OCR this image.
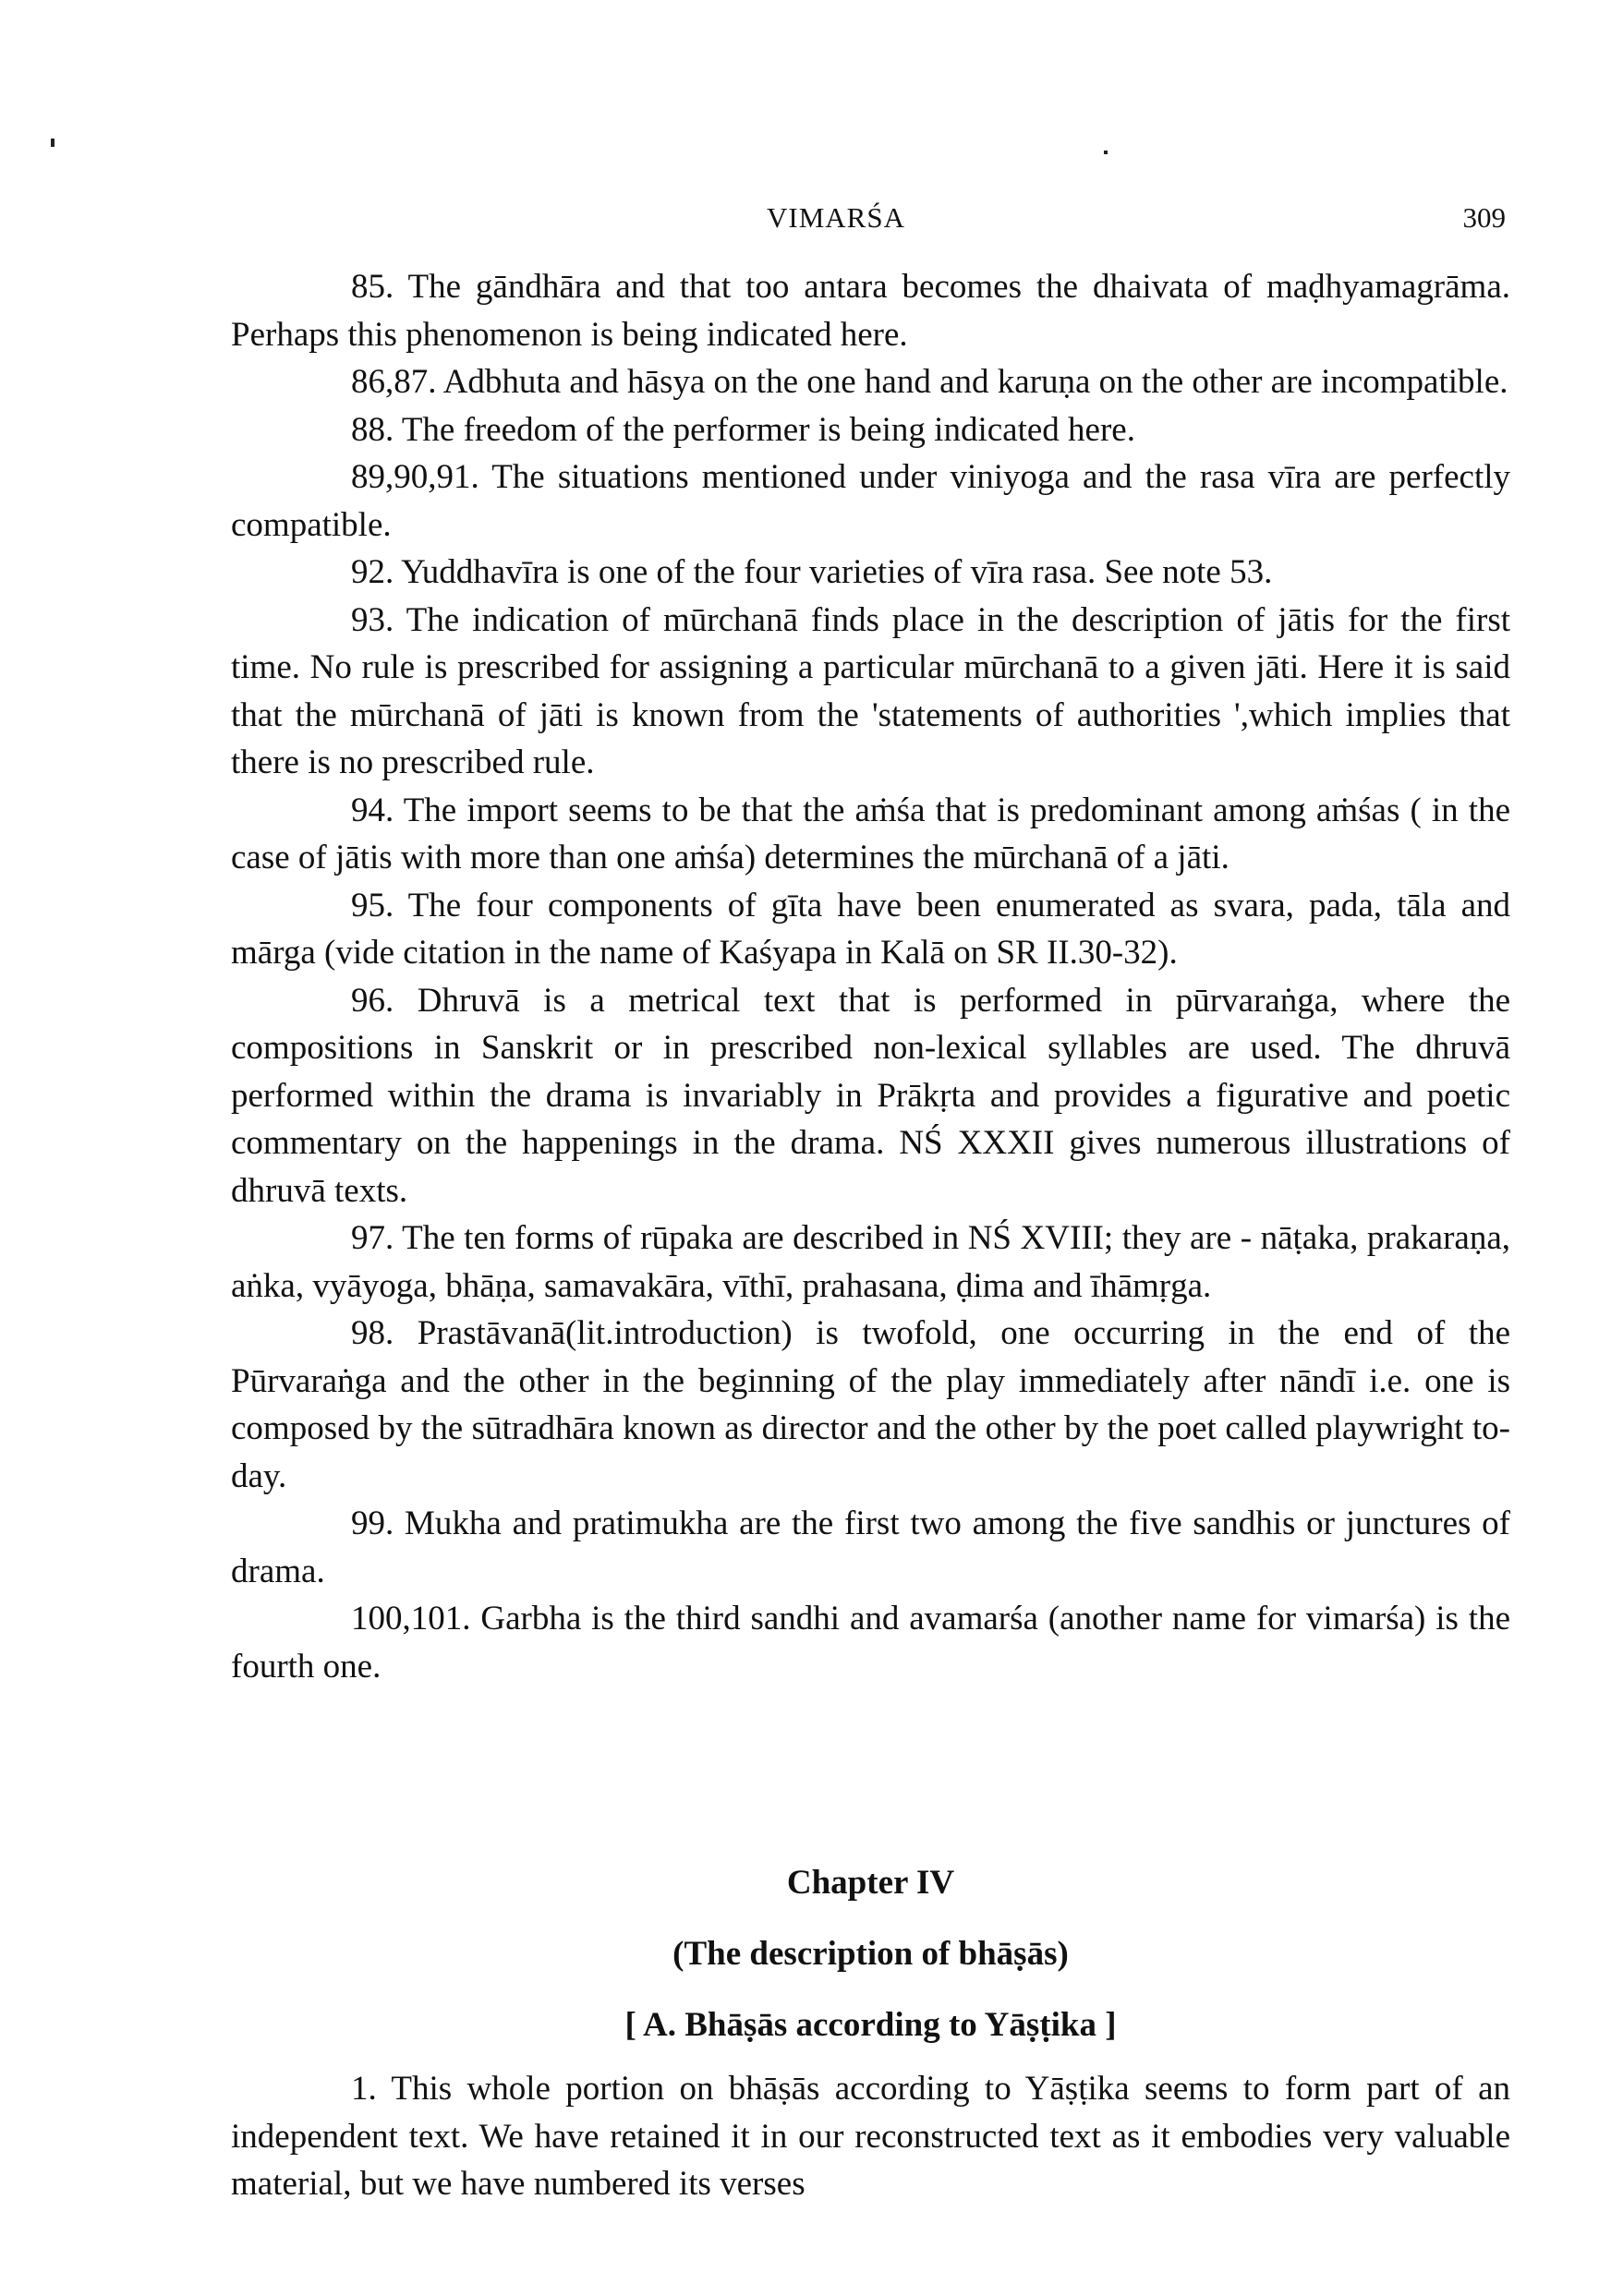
VIMARŚA	309

85. The gāndhāra and that too antara becomes the dhaivata of maḍhyamagrāma. Perhaps this phenomenon is being indicated here.

86,87. Adbhuta and hāsya on the one hand and karuṇa on the other are incompatible.

88. The freedom of the performer is being indicated here.

89,90,91. The situations mentioned under viniyoga and the rasa vīra are perfectly compatible.

92. Yuddhavīra is one of the four varieties of vīra rasa. See note 53.

93. The indication of mūrchanā finds place in the description of jātis for the first time. No rule is prescribed for assigning a particular mūrchanā to a given jāti. Here it is said that the mūrchanā of jāti is known from the 'statements of authorities ',which implies that there is no prescribed rule.

94. The import seems to be that the aṁśa that is predominant among aṁśas ( in the case of jātis with more than one aṁśa) determines the mūrchanā of a jāti.

95. The four components of gīta have been enumerated as svara, pada, tāla and mārga (vide citation in the name of Kaśyapa in Kalā on SR II.30-32).

96. Dhruvā is a metrical text that is performed in pūrvaraṅga, where the compositions in Sanskrit or in prescribed non-lexical syllables are used. The dhruvā performed within the drama is invariably in Prākṛta and provides a figurative and poetic commentary on the happenings in the drama. NŚ XXXII gives numerous illustrations of dhruvā texts.

97. The ten forms of rūpaka are described in NŚ XVIII; they are - nāṭaka, prakaraṇa, aṅka, vyāyoga, bhāṇa, samavakāra, vīthī, prahasana, ḍima and īhāmṛga.

98. Prastāvanā(lit.introduction) is twofold, one occurring in the end of the Pūrvaraṅga and the other in the beginning of the play immediately after nāndī i.e. one is composed by the sūtradhāra known as director and the other by the poet called playwright to-day.

99. Mukha and pratimukha are the first two among the five sandhis or junctures of drama.

100,101. Garbha is the third sandhi and avamarśa (another name for vimarśa) is the fourth one.

Chapter IV
(The description of bhāṣās)
[ A. Bhāṣās according to Yāṣṭika ]

1. This whole portion on bhāṣās according to Yāṣṭika seems to form part of an independent text. We have retained it in our reconstructed text as it embodies very valuable material, but we have numbered its verses
